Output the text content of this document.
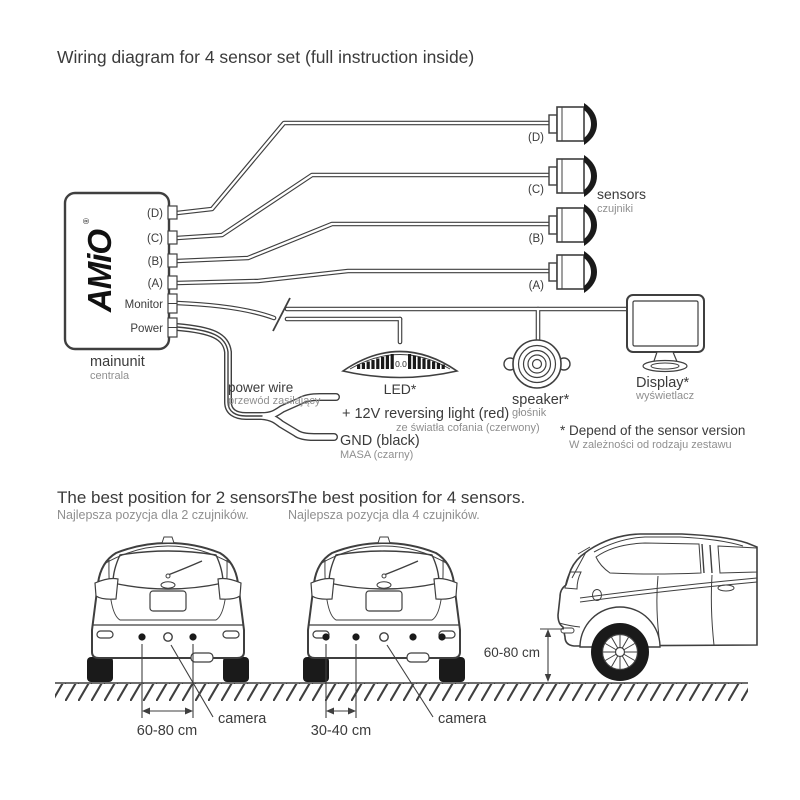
Wiring diagram for 4 sensor set (full instruction inside)
AMiO
®
(D)
(C)
(B)
(A)
Monitor
Power
mainunit
centrala
(D)
(C)
(B)
(A)
sensors
czujniki
0.0
LED*
speaker*
głośnik
Display*
wyświetlacz
* Depend of the sensor version
W zależności od rodzaju zestawu
power wire
przewód zasilający
+ 12V reversing light (red)
ze światła cofania (czerwony)
GND (black)
MASA (czarny)
The best position for 2 sensors.
Najlepsza pozycja dla 2 czujników.
The best position for 4 sensors.
Najlepsza pozycja dla 4 czujników.
60-80 cm
camera
30-40 cm
camera
60-80 cm
